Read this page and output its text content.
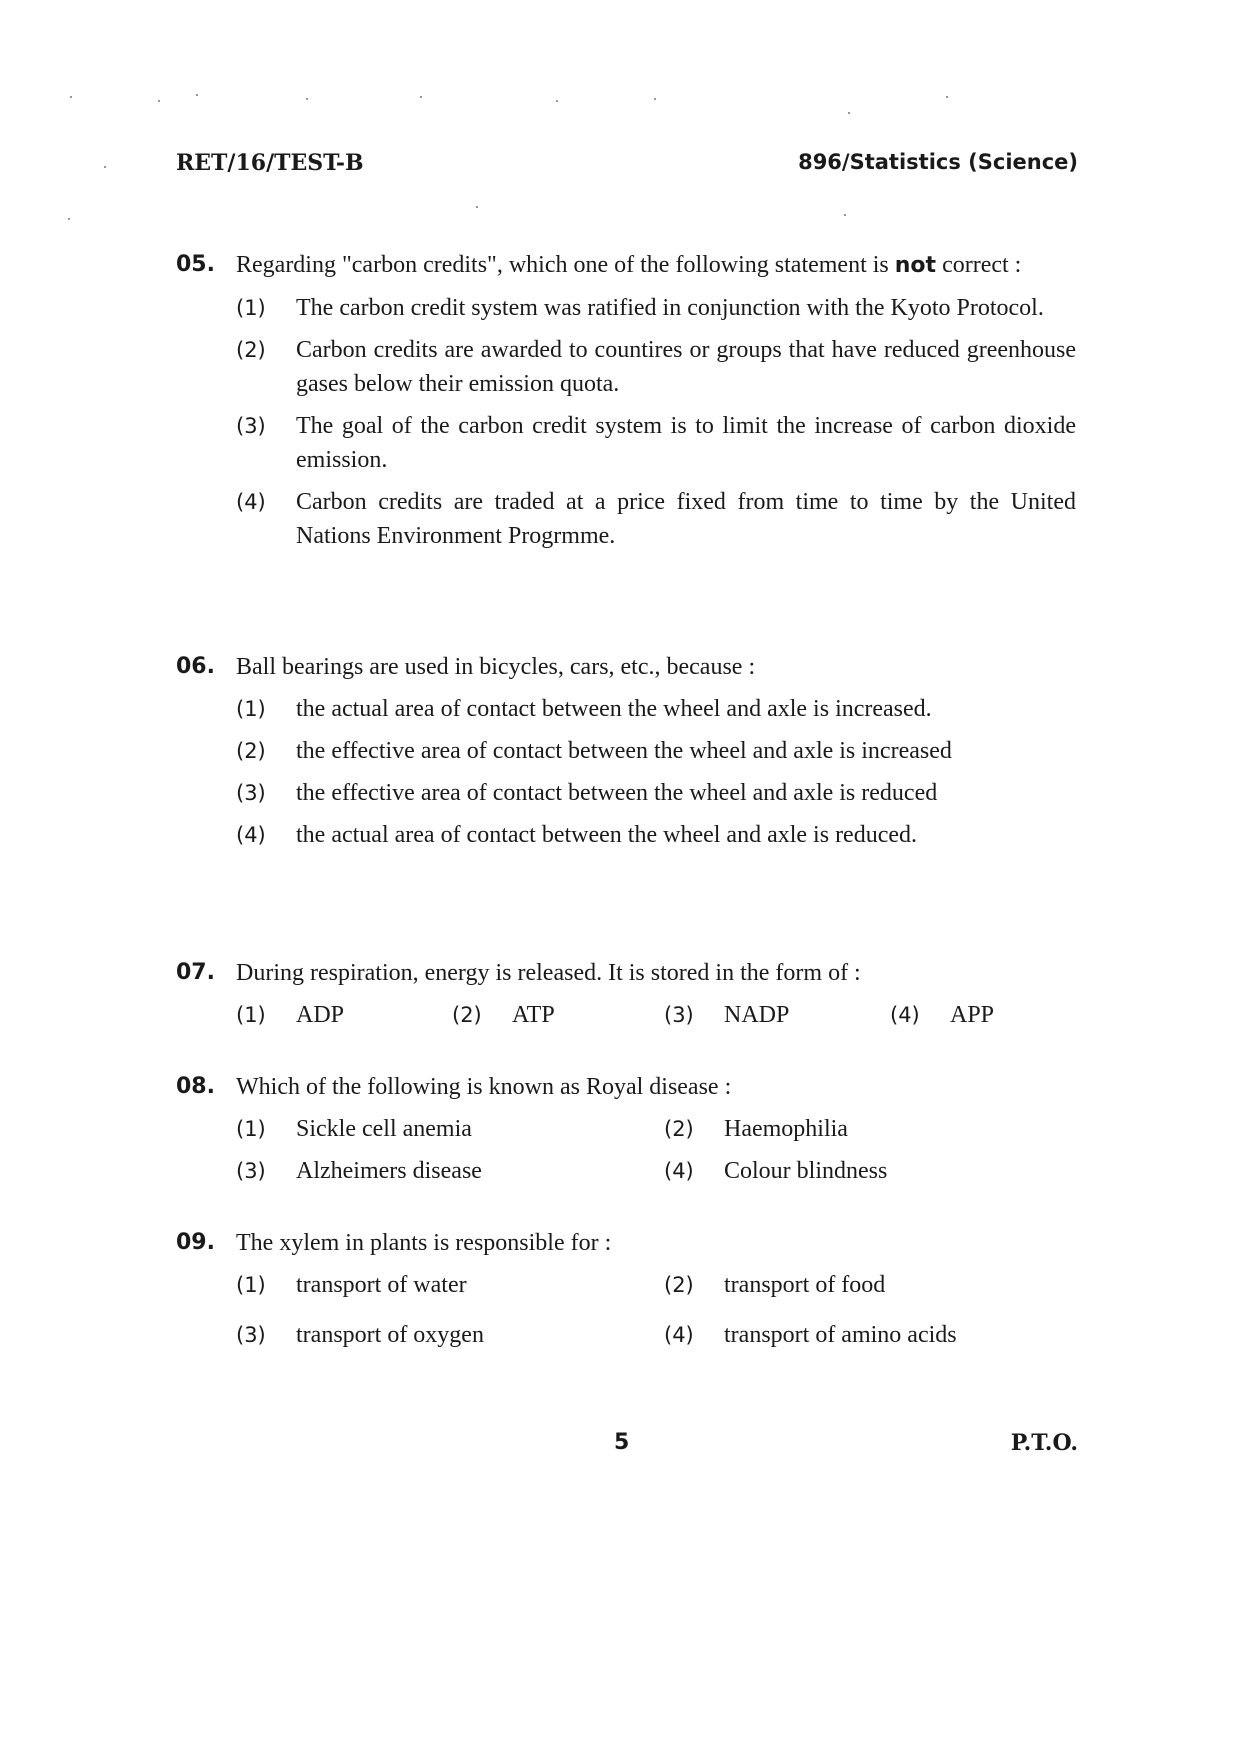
RET/16/TEST-B	896/Statistics (Science)
05. Regarding "carbon credits", which one of the following statement is not correct :
(1) The carbon credit system was ratified in conjunction with the Kyoto Protocol.
(2) Carbon credits are awarded to countires or groups that have reduced greenhouse gases below their emission quota.
(3) The goal of the carbon credit system is to limit the increase of carbon dioxide emission.
(4) Carbon credits are traded at a price fixed from time to time by the United Nations Environment Progrmme.
06. Ball bearings are used in bicycles, cars, etc., because :
(1) the actual area of contact between the wheel and axle is increased.
(2) the effective area of contact between the wheel and axle is increased
(3) the effective area of contact between the wheel and axle is reduced
(4) the actual area of contact between the wheel and axle is reduced.
07. During respiration, energy is released. It is stored in the form of :
(1) ADP	(2) ATP	(3) NADP	(4) APP
08. Which of the following is known as Royal disease :
(1) Sickle cell anemia	(2) Haemophilia
(3) Alzheimers disease	(4) Colour blindness
09. The xylem in plants is responsible for :
(1) transport of water	(2) transport of food
(3) transport of oxygen	(4) transport of amino acids
5	P.T.O.
